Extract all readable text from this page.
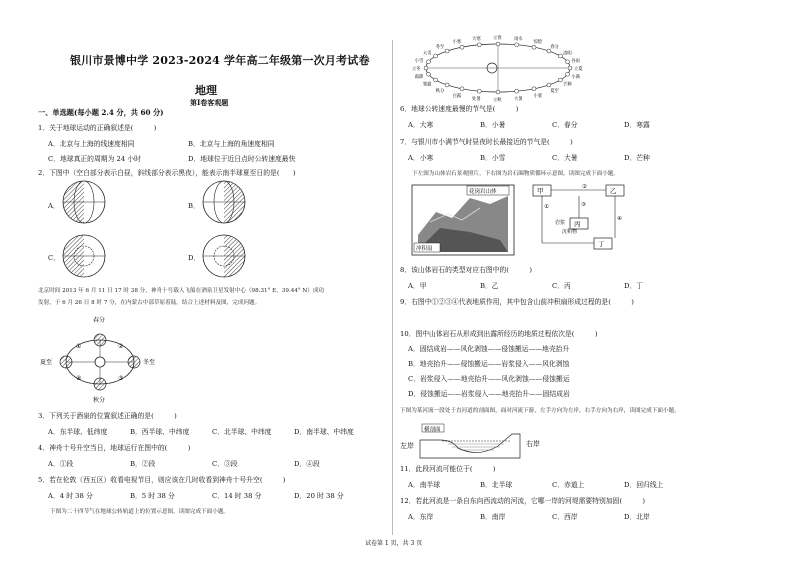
银川市景博中学 2023-2024 学年高二年级第一次月考试卷
地理
第Ⅰ卷客观题
一、单选题(每小题 2.4 分，共 60 分)
1．关于地球运动的正确叙述是(　　　)
A．北京与上海的线速度相同	B．北京与上海的角速度相同
C．地球真正的周期为 24 小时	D．地球位于近日点时公转速度最快
2．下图中（空白部分表示白昼，斜线部分表示黑夜），能表示南半球夏至日的是(　　)
A．	B．
C．	D．
春分
夏至
秋分
冬至
①	②
③
④
立春	雨水
惊蛰
春分
清明
谷雨
立夏
小满
芒种
夏至
小暑
大暑
立秋
处暑
白露
秋分
寒露
霜降
立冬
小雪
大雪
冬至
小寒
大寒
花岗岩山体
冲积扇
甲	乙
丙
丁
岩浆
沉积物
②
③
①
④
横剖面
左岸	右岸
北京时间 2013 年 6 月 11 日 17 时 38 分，神舟十号载人飞船在酒泉卫星发射中心（98.31° E，39.44° N）成功
发射，于 6 月 26 日 8 时 7 分，在内蒙古中部草原着陆。结合上述材料及图，完成问题。
3．下列关于酒泉的位置叙述正确的是(　　　)
A．东半球、低纬度	B．西半球、中纬度	C．北半球、中纬度	D．南半球、中纬度
4．神舟十号升空当日，地球运行在图中的(　　　)
A．①段	B．②段	C．③段	D．④段
5．若在伦敦（西五区）收看电视节目，则应该在几时收看到神舟十号升空(　　　)
A．4 时 38 分	B．5 时 38 分	C．14 时 38 分	D．20 时 38 分
下图为二十四节气在地球公转轨道上的位置示意图，读图完成下面小题。
6．地球公转速度最慢的节气是(　　　)
A．大寒	B．小暑	C．春分	D．寒露
7．与银川市小满节气时昼夜时长最接近的节气是(　　　)
A．小寒	B．小雪	C．大暑	D．芒种
下左图为山体岩石景观照片，下右图为岩石圈物质循环示意图。读图完成下面小题。
8．该山体岩石的类型对应右图中的(　　　)
A．甲	B．乙	C．丙	D．丁
9．右图中①②③④代表地质作用，其中包含山前冲积扇形成过程的是(　　　)
10．图中山体岩石从形成到出露所经历的地质过程依次是(　　　)
A．固结成岩——风化剥蚀——侵蚀搬运——地壳抬升
B．地壳抬升——侵蚀搬运——岩浆侵入——风化剥蚀
C．岩浆侵入——地壳抬升——风化剥蚀——侵蚀搬运
D．侵蚀搬运——岩浆侵入——地壳抬升——固结成岩
下图为某河流一段处于直河道的剖面图，面对河流下游，左手方向为左岸，右手方向为右岸，读图完成下面小题。
11．此段河流可能位于(　　　)
A．南半球	B．北半球	C．赤道上	D．回归线上
12．若此河流是一条自东向西流动的河流，它哪一岸的河堤需要特别加固(　　　)
A．东岸	B．南岸	C．西岸	D．北岸
试卷第 1 页，共 3 页
